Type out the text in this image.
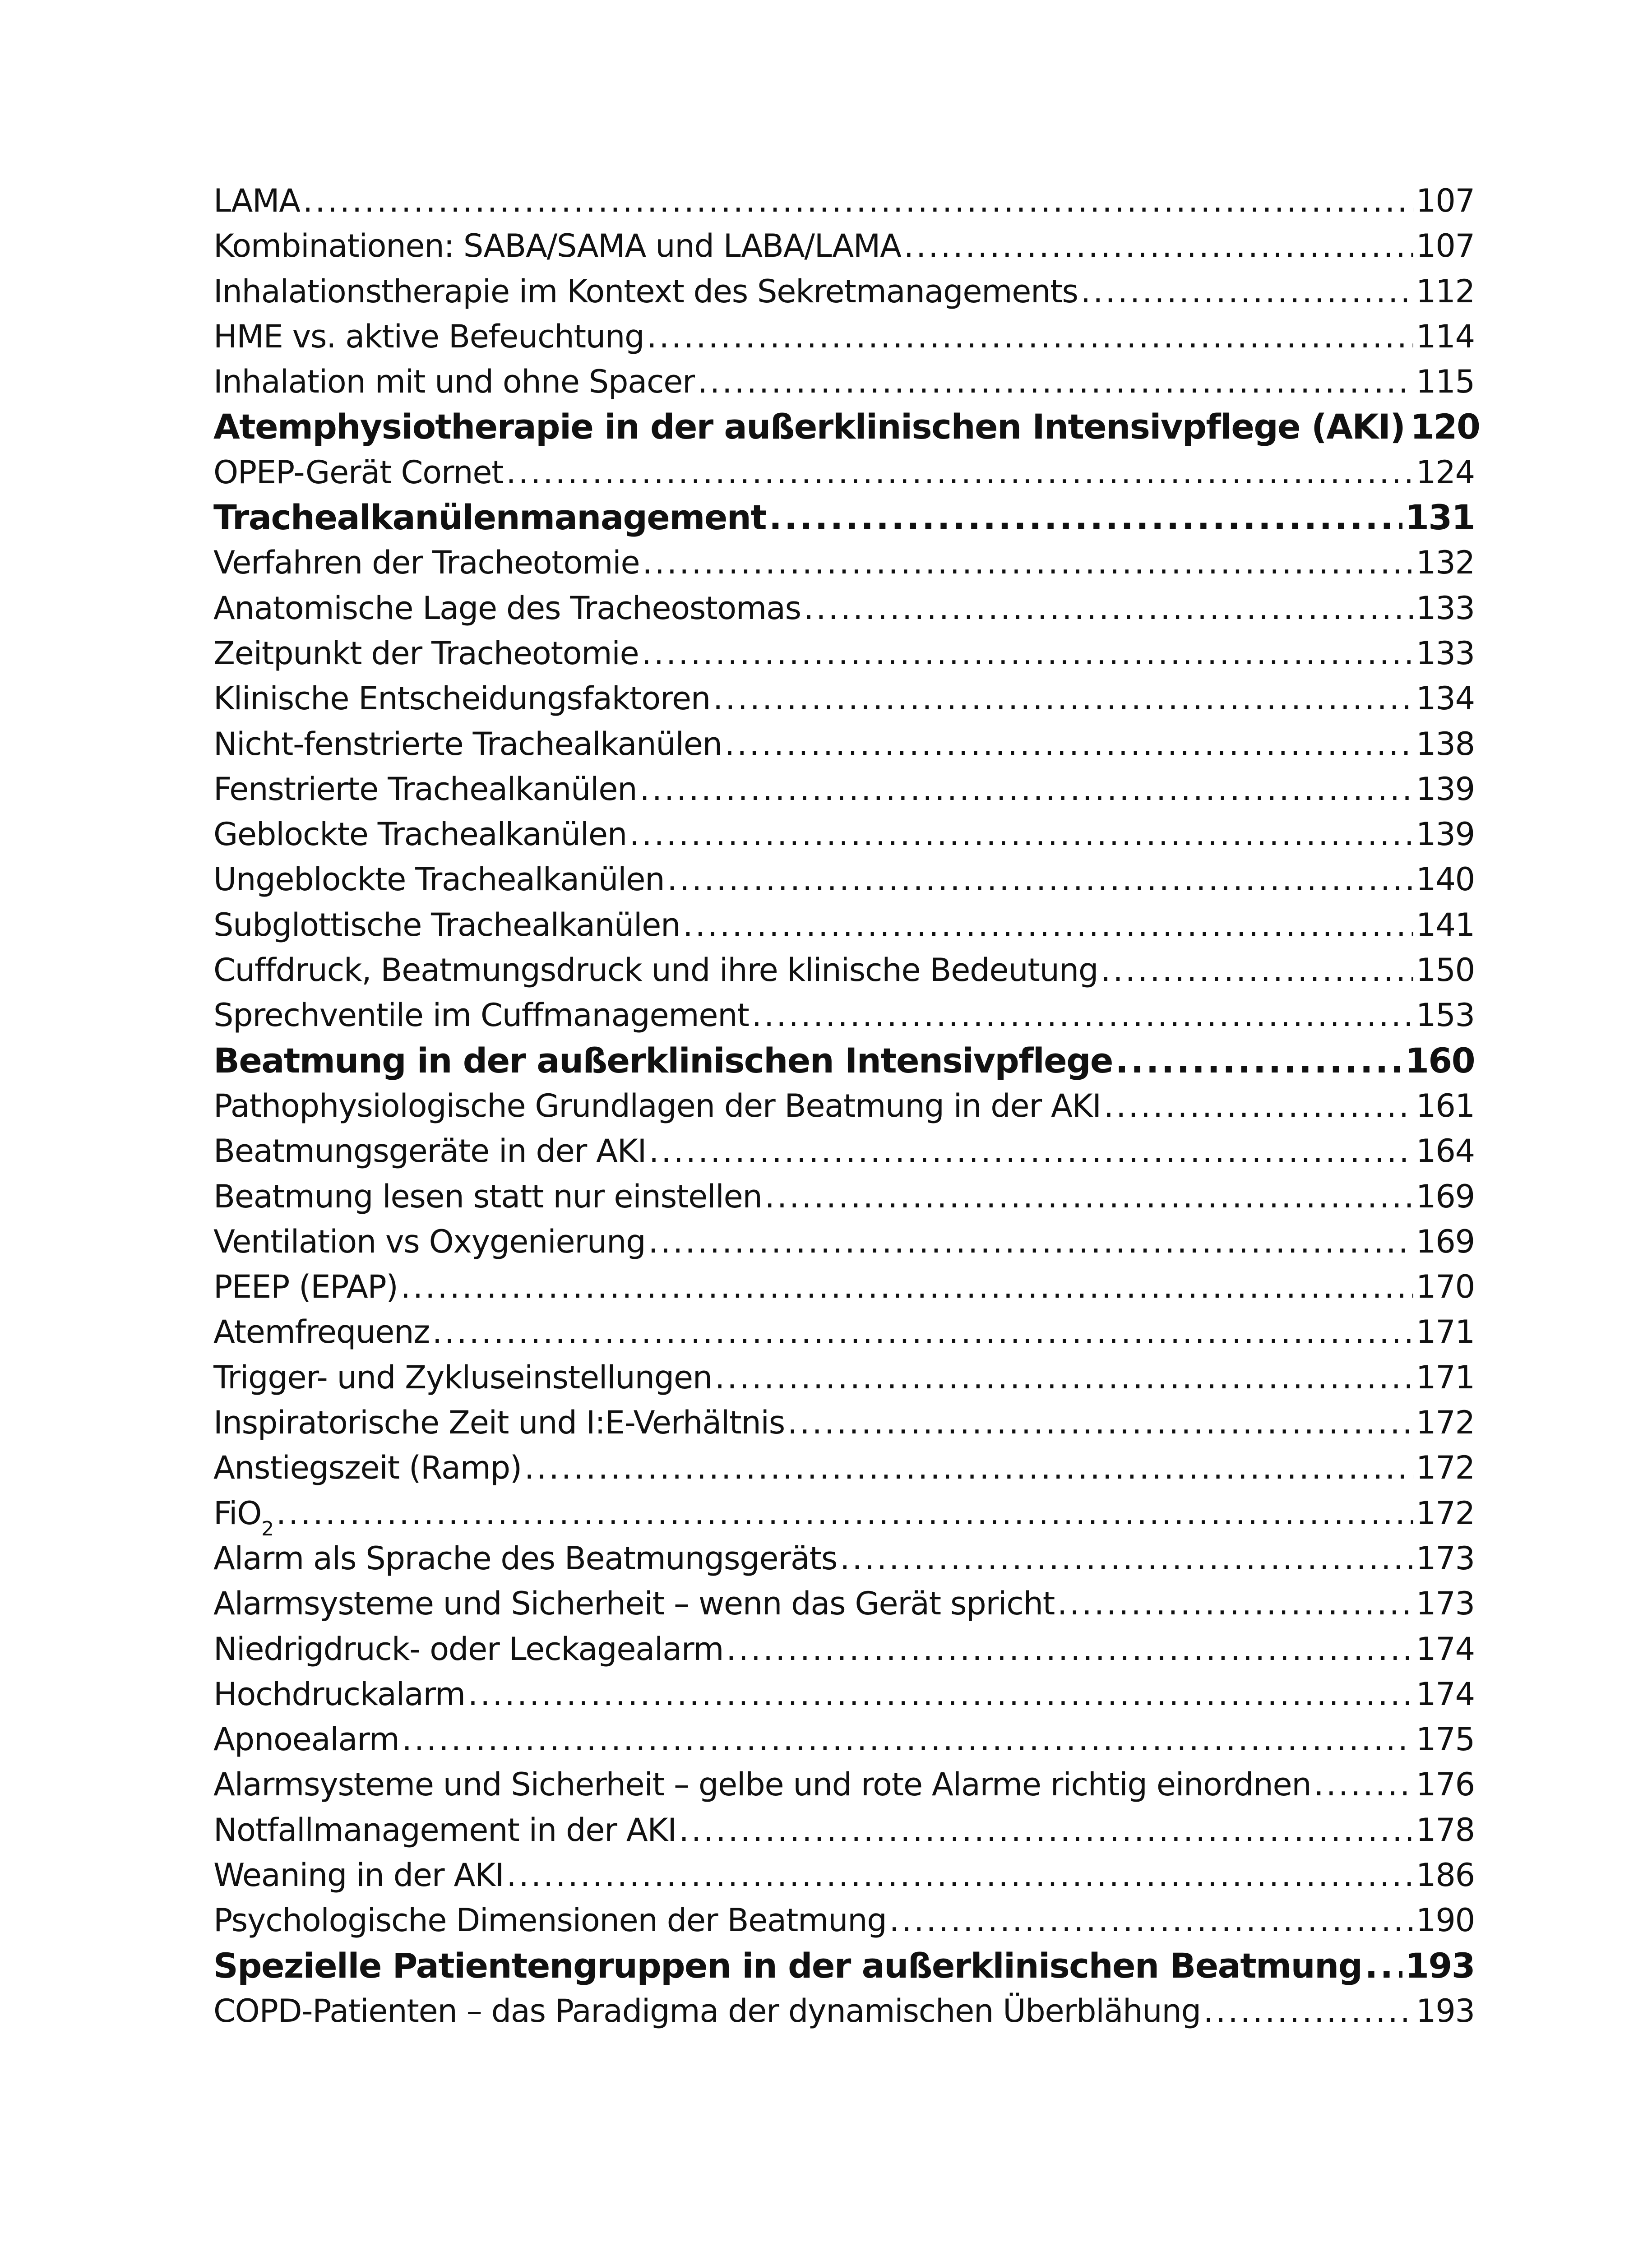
LAMA .....	107
Kombinationen: SABA/SAMA und LABA/LAMA .....	107
Inhalationstherapie im Kontext des Sekretmanagements .....	112
HME vs. aktive Befeuchtung .....	114
Inhalation mit und ohne Spacer .....	115
Atemphysiotherapie in der außerklinischen Intensivpflege (AKI) 120
OPEP-Gerät Cornet .....	124
Trachealkanülenmanagement .....	131
Verfahren der Tracheotomie .....	132
Anatomische Lage des Tracheostomas .....	133
Zeitpunkt der Tracheotomie .....	133
Klinische Entscheidungsfaktoren .....	134
Nicht-fenstrierte Trachealkanülen .....	138
Fenstrierte Trachealkanülen .....	139
Geblockte Trachealkanülen .....	139
Ungeblockte Trachealkanülen .....	140
Subglottische Trachealkanülen .....	141
Cuffdruck, Beatmungsdruck und ihre klinische Bedeutung .....	150
Sprechventile im Cuffmanagement .....	153
Beatmung in der außerklinischen Intensivpflege .....	160
Pathophysiologische Grundlagen der Beatmung in der AKI .....	161
Beatmungsgeräte in der AKI .....	164
Beatmung lesen statt nur einstellen .....	169
Ventilation vs Oxygenierung .....	169
PEEP (EPAP) .....	170
Atemfrequenz .....	171
Trigger- und Zykluseinstellungen .....	171
Inspiratorische Zeit und I:E-Verhältnis .....	172
Anstiegszeit (Ramp) .....	172
FiO$_2$ .....	172
Alarm als Sprache des Beatmungsgeräts .....	173
Alarmsysteme und Sicherheit – wenn das Gerät spricht .....	173
Niedrigdruck- oder Leckagealarm .....	174
Hochdruckalarm .....	174
Apnoealarm .....	175
Alarmsysteme und Sicherheit – gelbe und rote Alarme richtig einordnen .....	176
Notfallmanagement in der AKI .....	178
Weaning in der AKI .....	186
Psychologische Dimensionen der Beatmung .....	190
Spezielle Patientengruppen in der außerklinischen Beatmung ..... 193
COPD-Patienten – das Paradigma der dynamischen Überblähung .....	193
